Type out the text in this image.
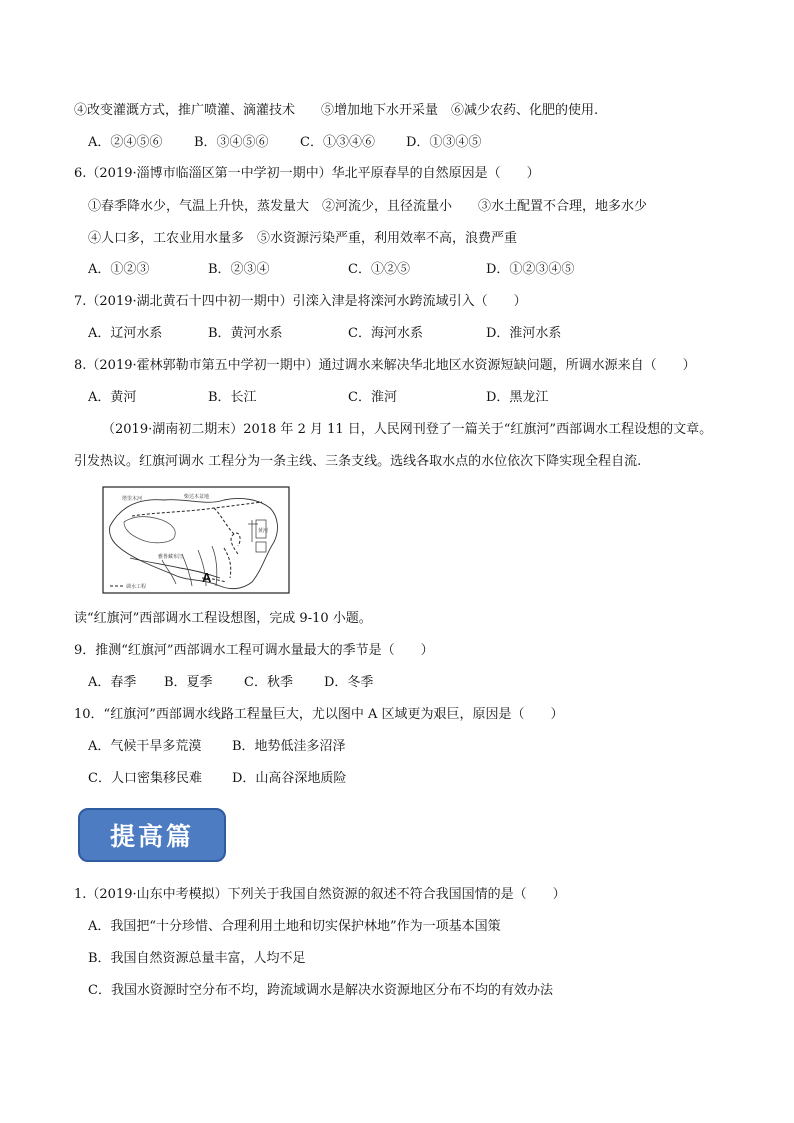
④改变灌溉方式，推广喷灌、滴灌技术　　⑤增加地下水开采量　⑥减少农药、化肥的使用.
A．②④⑤⑥ B．③④⑤⑥ C．①③④⑥ D．①③④⑤
6.（2019·淄博市临淄区第一中学初一期中）华北平原春旱的自然原因是（　　）
①春季降水少，气温上升快，蒸发量大　②河流少，且径流量小　　③水土配置不合理，地多水少
④人口多，工农业用水量多　⑤水资源污染严重，利用效率不高，浪费严重
A．①②③	B．②③④	C．①②⑤	D．①②③④⑤
7.（2019·湖北黄石十四中初一期中）引滦入津是将滦河水跨流域引入（　　）
A．辽河水系	B．黄河水系	C．海河水系	D．淮河水系
8.（2019·霍林郭勒市第五中学初一期中）通过调水来解决华北地区水资源短缺问题，所调水源来自（　　）
A．黄河	B．长江	C．淮河	D．黑龙江
（2019·湖南初二期末）2018 年 2 月 11 日，人民网刊登了一篇关于“红旗河”西部调水工程设想的文章。
引发热议。红旗河调水 工程分为一条主线、三条支线。选线各取水点的水位依次下降实现全程自流.
塔里木河	柴达木盆地
雅鲁藏布江
黄河
A
调水工程
读“红旗河”西部调水工程设想图，完成 9-10 小题。
9．推测“红旗河”西部调水工程可调水量最大的季节是（　　）
A．春季 B．夏季 C．秋季 D．冬季
10．“红旗河”西部调水线路工程量巨大，尤以图中 A 区域更为艰巨，原因是（　　）
A．气候干旱多荒漠 B．地势低洼多沼泽
C．人口密集移民难 D．山高谷深地质险
提高篇
1.（2019·山东中考模拟）下列关于我国自然资源的叙述不符合我国国情的是（　　）
A．我国把“十分珍惜、合理利用土地和切实保护林地”作为一项基本国策
B．我国自然资源总量丰富，人均不足
C．我国水资源时空分布不均，跨流域调水是解决水资源地区分布不均的有效办法
